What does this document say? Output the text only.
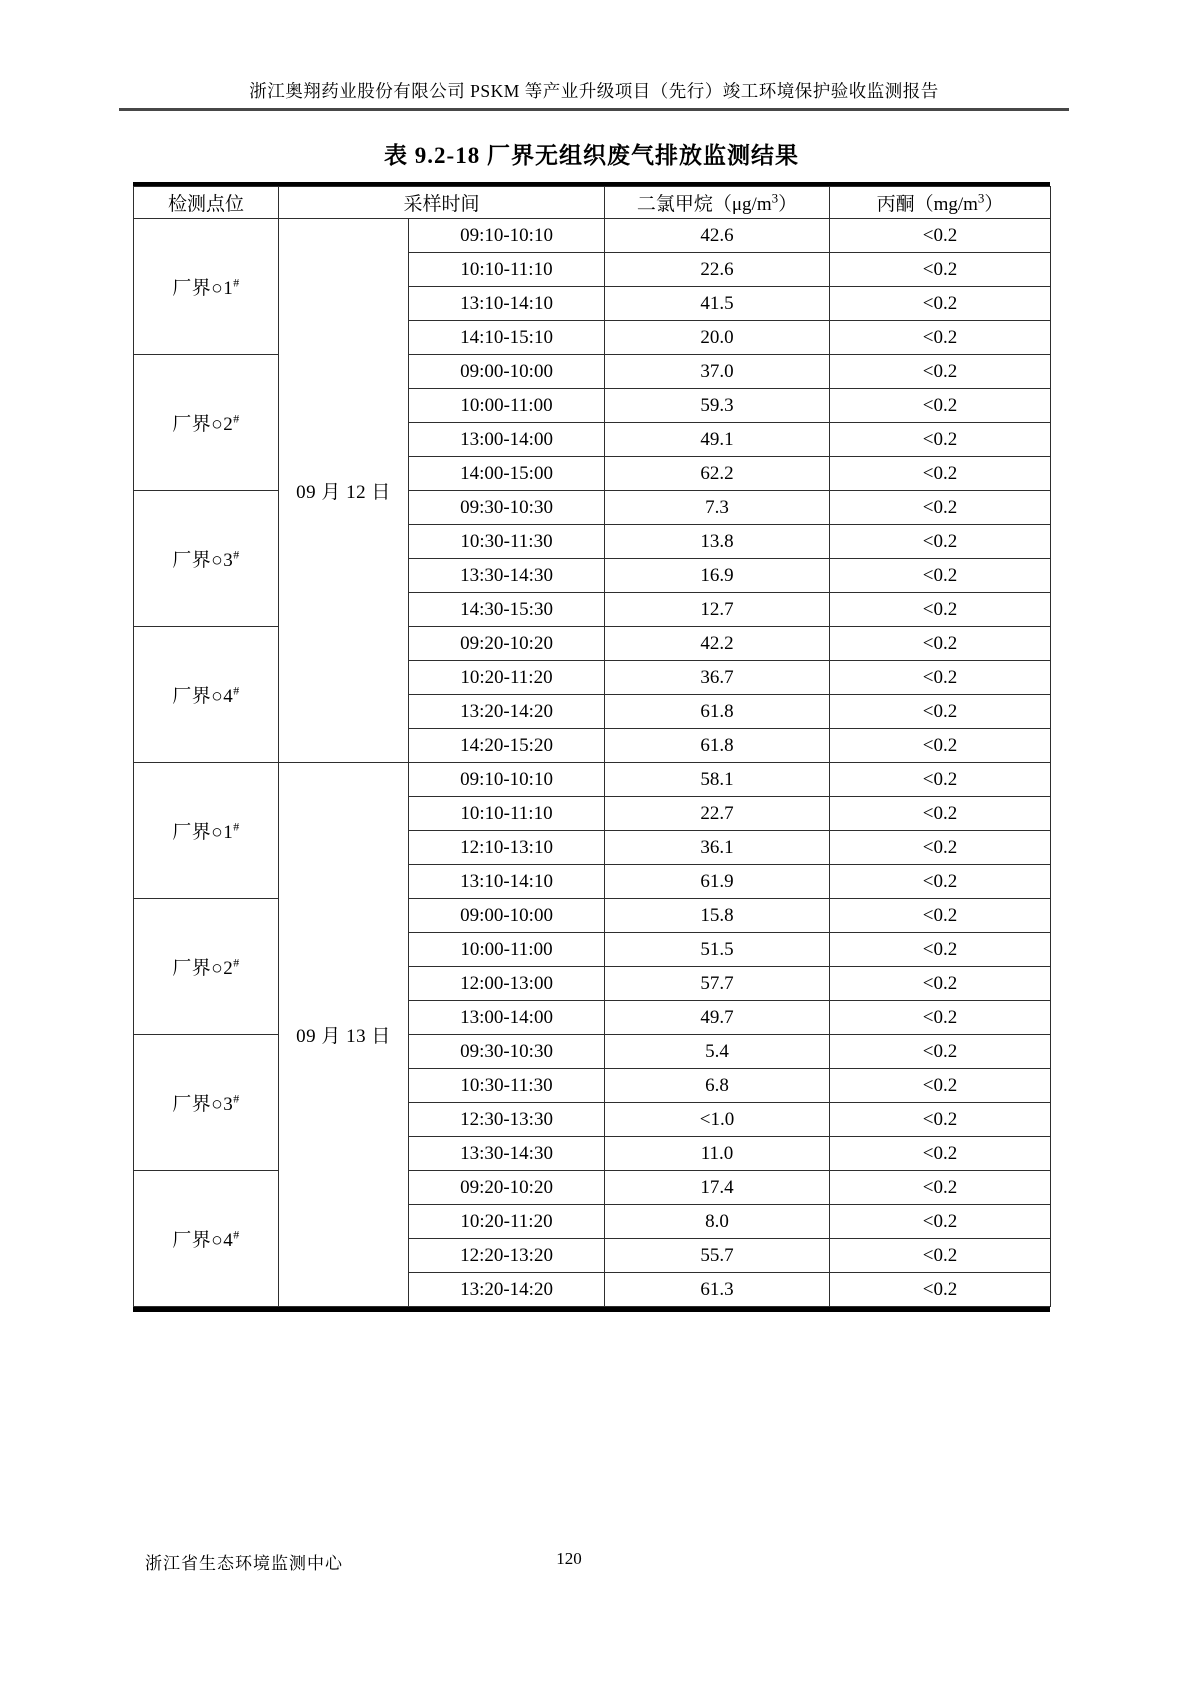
浙江奥翔药业股份有限公司 PSKM 等产业升级项目（先行）竣工环境保护验收监测报告
表 9.2-18 厂界无组织废气排放监测结果
检测点位	采样时间		二氯甲烷$(\mu g/m^3)$	丙酮$(mg/m^3)$
厂界○1#	09 月 12 日	09:10-10:10	42.6	<0.2
		10:10-11:10	22.6	<0.2
		13:10-14:10	41.5	<0.2
		14:10-15:10	20.0	<0.2
厂界○2#		09:00-10:00	37.0	<0.2
		10:00-11:00	59.3	<0.2
		13:00-14:00	49.1	<0.2
		14:00-15:00	62.2	<0.2
厂界○3#		09:30-10:30	7.3	<0.2
		10:30-11:30	13.8	<0.2
		13:30-14:30	16.9	<0.2
		14:30-15:30	12.7	<0.2
厂界○4#		09:20-10:20	42.2	<0.2
		10:20-11:20	36.7	<0.2
		13:20-14:20	61.8	<0.2
		14:20-15:20	61.8	<0.2
厂界○1#	09 月 13 日	09:10-10:10	58.1	<0.2
		10:10-11:10	22.7	<0.2
		12:10-13:10	36.1	<0.2
		13:10-14:10	61.9	<0.2
厂界○2#		09:00-10:00	15.8	<0.2
		10:00-11:00	51.5	<0.2
		12:00-13:00	57.7	<0.2
		13:00-14:00	49.7	<0.2
厂界○3#		09:30-10:30	5.4	<0.2
		10:30-11:30	6.8	<0.2
		12:30-13:30	<1.0	<0.2
		13:30-14:30	11.0	<0.2
厂界○4#		09:20-10:20	17.4	<0.2
		10:20-11:20	8.0	<0.2
		12:20-13:20	55.7	<0.2
		13:20-14:20	61.3	<0.2
浙江省生态环境监测中心	120
